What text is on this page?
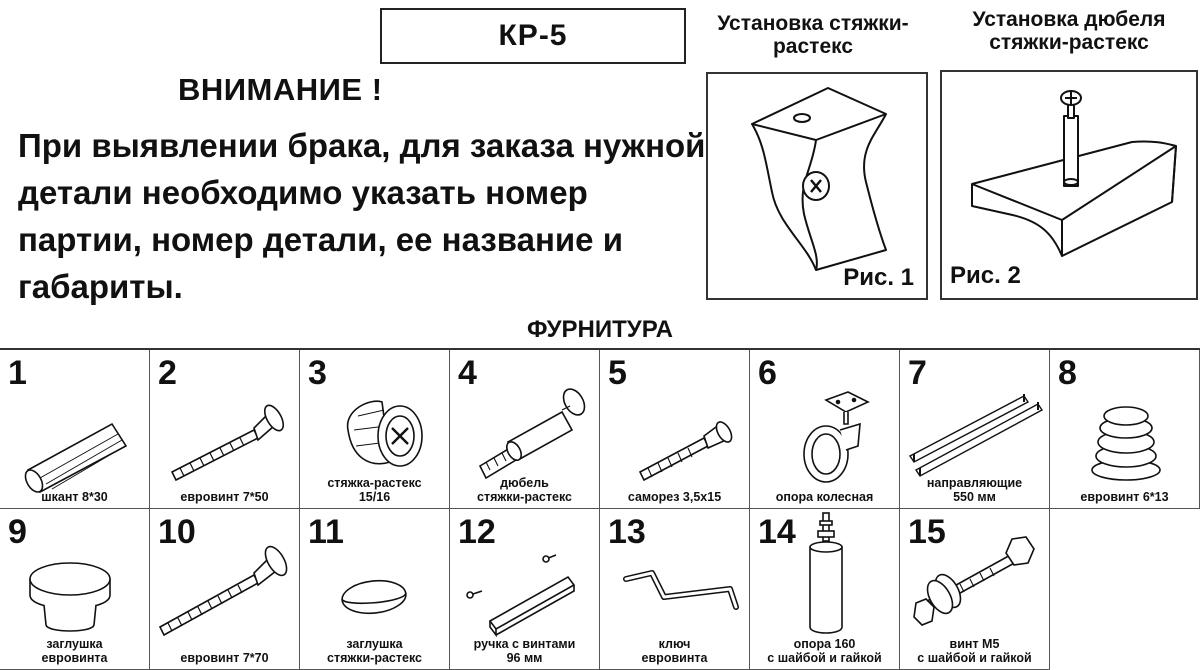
КР-5
ВНИМАНИЕ !
При выявлении брака, для заказа нужной детали необходимо указать номер партии, номер детали, ее название и габариты.
Установка стяжки-растекс
Установка дюбеля стяжки-растекс
Рис. 1 Рис. 2
ФУРНИТУРА
1
шкант 8*30
2
евровинт 7*50
3
стяжка-растекс
15/16
4
дюбель
стяжки-растекс
5
саморез 3,5х15
6
опора колесная
7
направляющие
550 мм
8
евровинт 6*13
9
заглушка
евровинта
10
евровинт 7*70
11
заглушка
стяжки-растекс
12
ручка с винтами
96 мм
13
ключ
евровинта
14
опора 160
с шайбой и гайкой
15
винт М5
с шайбой и гайкой
